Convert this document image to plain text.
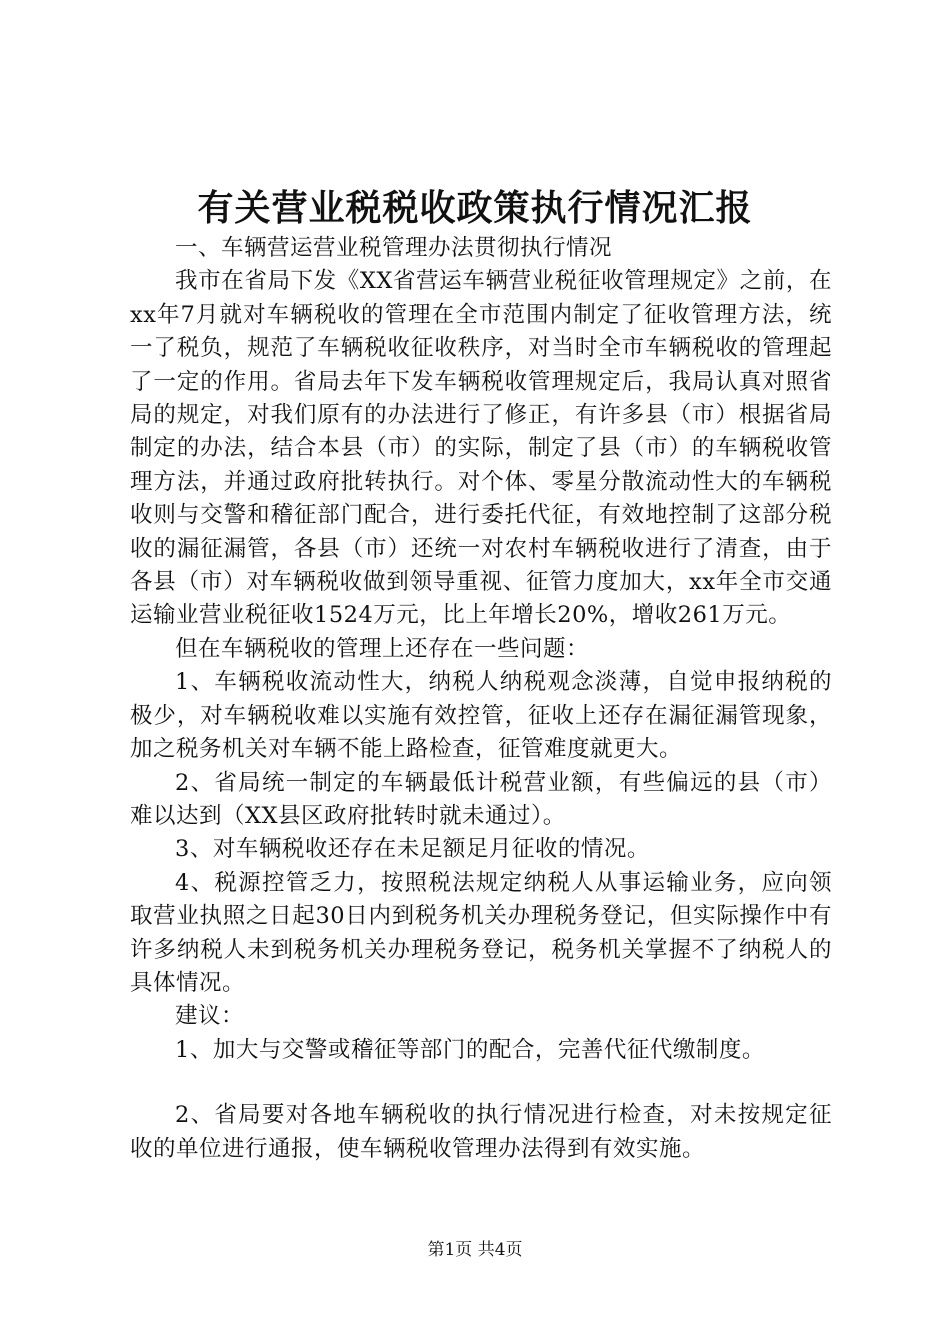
有关营业税税收政策执行情况汇报

一、车辆营运营业税管理办法贯彻执行情况

我市在省局下发《XX省营运车辆营业税征收管理规定》之前，在xx年7月就对车辆税收的管理在全市范围内制定了征收管理方法，统一了税负，规范了车辆税收征收秩序，对当时全市车辆税收的管理起了一定的作用。省局去年下发车辆税收管理规定后，我局认真对照省局的规定，对我们原有的办法进行了修正，有许多县（市）根据省局制定的办法，结合本县（市）的实际，制定了县（市）的车辆税收管理方法，并通过政府批转执行。对个体、零星分散流动性大的车辆税收则与交警和稽征部门配合，进行委托代征，有效地控制了这部分税收的漏征漏管，各县（市）还统一对农村车辆税收进行了清查，由于各县（市）对车辆税收做到领导重视、征管力度加大，xx年全市交通运输业营业税征收1524万元，比上年增长20%，增收261万元。

但在车辆税收的管理上还存在一些问题：

1、车辆税收流动性大，纳税人纳税观念淡薄，自觉申报纳税的极少，对车辆税收难以实施有效控管，征收上还存在漏征漏管现象，加之税务机关对车辆不能上路检查，征管难度就更大。

2、省局统一制定的车辆最低计税营业额，有些偏远的县（市）难以达到（XX县区政府批转时就未通过）。

3、对车辆税收还存在未足额足月征收的情况。

4、税源控管乏力，按照税法规定纳税人从事运输业务，应向领取营业执照之日起30日内到税务机关办理税务登记，但实际操作中有许多纳税人未到税务机关办理税务登记，税务机关掌握不了纳税人的具体情况。

建议：

1、加大与交警或稽征等部门的配合，完善代征代缴制度。

2、省局要对各地车辆税收的执行情况进行检查，对未按规定征收的单位进行通报，使车辆税收管理办法得到有效实施。

第1页 共4页
